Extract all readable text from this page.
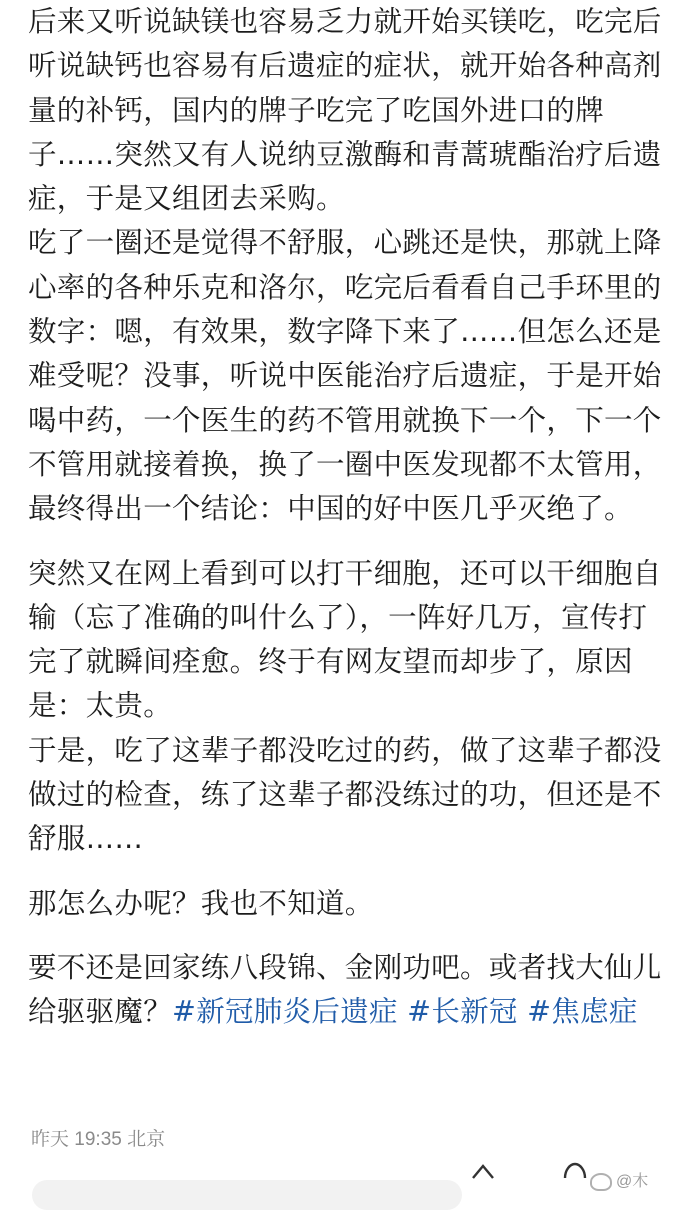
后来又听说缺镁也容易乏力就开始买镁吃，吃完后听说缺钙也容易有后遗症的症状，就开始各种高剂量的补钙，国内的牌子吃完了吃国外进口的牌子……突然又有人说纳豆激酶和青蒿琥酯治疗后遗症，于是又组团去采购。

吃了一圈还是觉得不舒服，心跳还是快，那就上降心率的各种乐克和洛尔，吃完后看看自己手环里的数字：嗯，有效果，数字降下来了……但怎么还是难受呢？没事，听说中医能治疗后遗症，于是开始喝中药，一个医生的药不管用就换下一个，下一个不管用就接着换，换了一圈中医发现都不太管用，最终得出一个结论：中国的好中医几乎灭绝了。

突然又在网上看到可以打干细胞，还可以干细胞自输（忘了准确的叫什么了），一阵好几万，宣传打完了就瞬间痊愈。终于有网友望而却步了，原因是：太贵。

于是，吃了这辈子都没吃过的药，做了这辈子都没做过的检查，练了这辈子都没练过的功，但还是不舒服……

那怎么办呢？我也不知道。

要不还是回家练八段锦、金刚功吧。或者找大仙儿给驱驱魔？#新冠肺炎后遗症 #长新冠 #焦虑症

昨天 19:35 北京
@木
